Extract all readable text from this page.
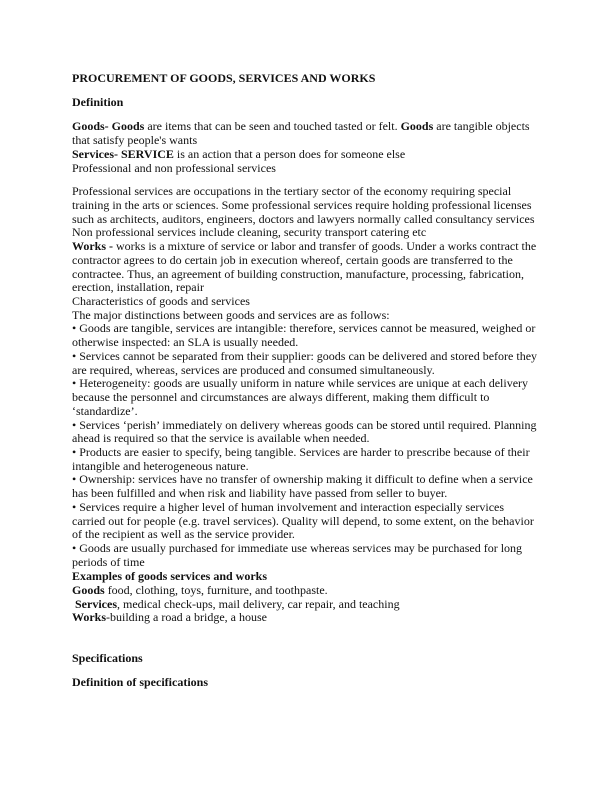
PROCUREMENT OF GOODS, SERVICES AND WORKS
Definition
Goods- Goods are items that can be seen and touched tasted or felt. Goods are tangible objects
that satisfy people's wants
Services- SERVICE is an action that a person does for someone else
Professional and non professional services
Professional services are occupations in the tertiary sector of the economy requiring special
training in the arts or sciences. Some professional services require holding professional licenses
such as architects, auditors, engineers, doctors and lawyers normally called consultancy services
Non professional services include cleaning, security transport catering etc
Works - works is a mixture of service or labor and transfer of goods. Under a works contract the
contractor agrees to do certain job in execution whereof, certain goods are transferred to the
contractee. Thus, an agreement of building construction, manufacture, processing, fabrication,
erection, installation, repair
Characteristics of goods and services
The major distinctions between goods and services are as follows:
• Goods are tangible, services are intangible: therefore, services cannot be measured, weighed or
otherwise inspected: an SLA is usually needed.
• Services cannot be separated from their supplier: goods can be delivered and stored before they
are required, whereas, services are produced and consumed simultaneously.
• Heterogeneity: goods are usually uniform in nature while services are unique at each delivery
because the personnel and circumstances are always different, making them difficult to
‘standardize’.
• Services ‘perish’ immediately on delivery whereas goods can be stored until required. Planning
ahead is required so that the service is available when needed.
• Products are easier to specify, being tangible. Services are harder to prescribe because of their
intangible and heterogeneous nature.
• Ownership: services have no transfer of ownership making it difficult to define when a service
has been fulfilled and when risk and liability have passed from seller to buyer.
• Services require a higher level of human involvement and interaction especially services
carried out for people (e.g. travel services). Quality will depend, to some extent, on the behavior
of the recipient as well as the service provider.
• Goods are usually purchased for immediate use whereas services may be purchased for long
periods of time
Examples of goods services and works
Goods food, clothing, toys, furniture, and toothpaste.
Services, medical check-ups, mail delivery, car repair, and teaching
Works-building a road a bridge, a house
Specifications
Definition of specifications
